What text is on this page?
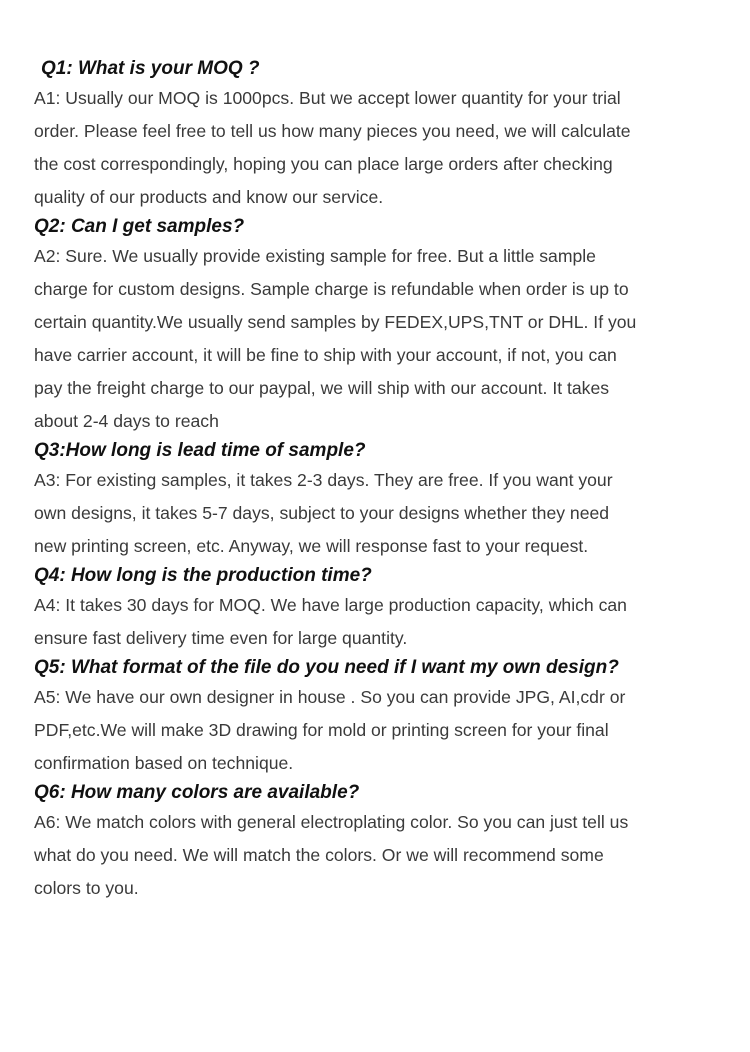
Q1: What is your MOQ ?

A1: Usually our MOQ is 1000pcs. But we accept lower quantity for your trial
order. Please feel free to tell us how many pieces you need, we will calculate
the cost correspondingly, hoping you can place large orders after checking
quality of our products and know our service.

Q2: Can I get samples?

A2: Sure. We usually provide existing sample for free. But a little sample
charge for custom designs. Sample charge is refundable when order is up to
certain quantity.We usually send samples by FEDEX,UPS,TNT or DHL. If you
have carrier account, it will be fine to ship with your account, if not, you can
pay the freight charge to our paypal, we will ship with our account. It takes
about 2-4 days to reach

Q3:How long is lead time of sample?

A3: For existing samples, it takes 2-3 days. They are free. If you want your
own designs, it takes 5-7 days, subject to your designs whether they need
new printing screen, etc. Anyway, we will response fast to your request.

Q4: How long is the production time?

A4: It takes 30 days for MOQ. We have large production capacity, which can
ensure fast delivery time even for large quantity.

Q5: What format of the file do you need if I want my own design?

A5: We have our own designer in house . So you can provide JPG, AI,cdr or
PDF,etc.We will make 3D drawing for mold or printing screen for your final
confirmation based on technique.

Q6: How many colors are available?

A6: We match colors with general electroplating color. So you can just tell us
what do you need. We will match the colors. Or we will recommend some
colors to you.
